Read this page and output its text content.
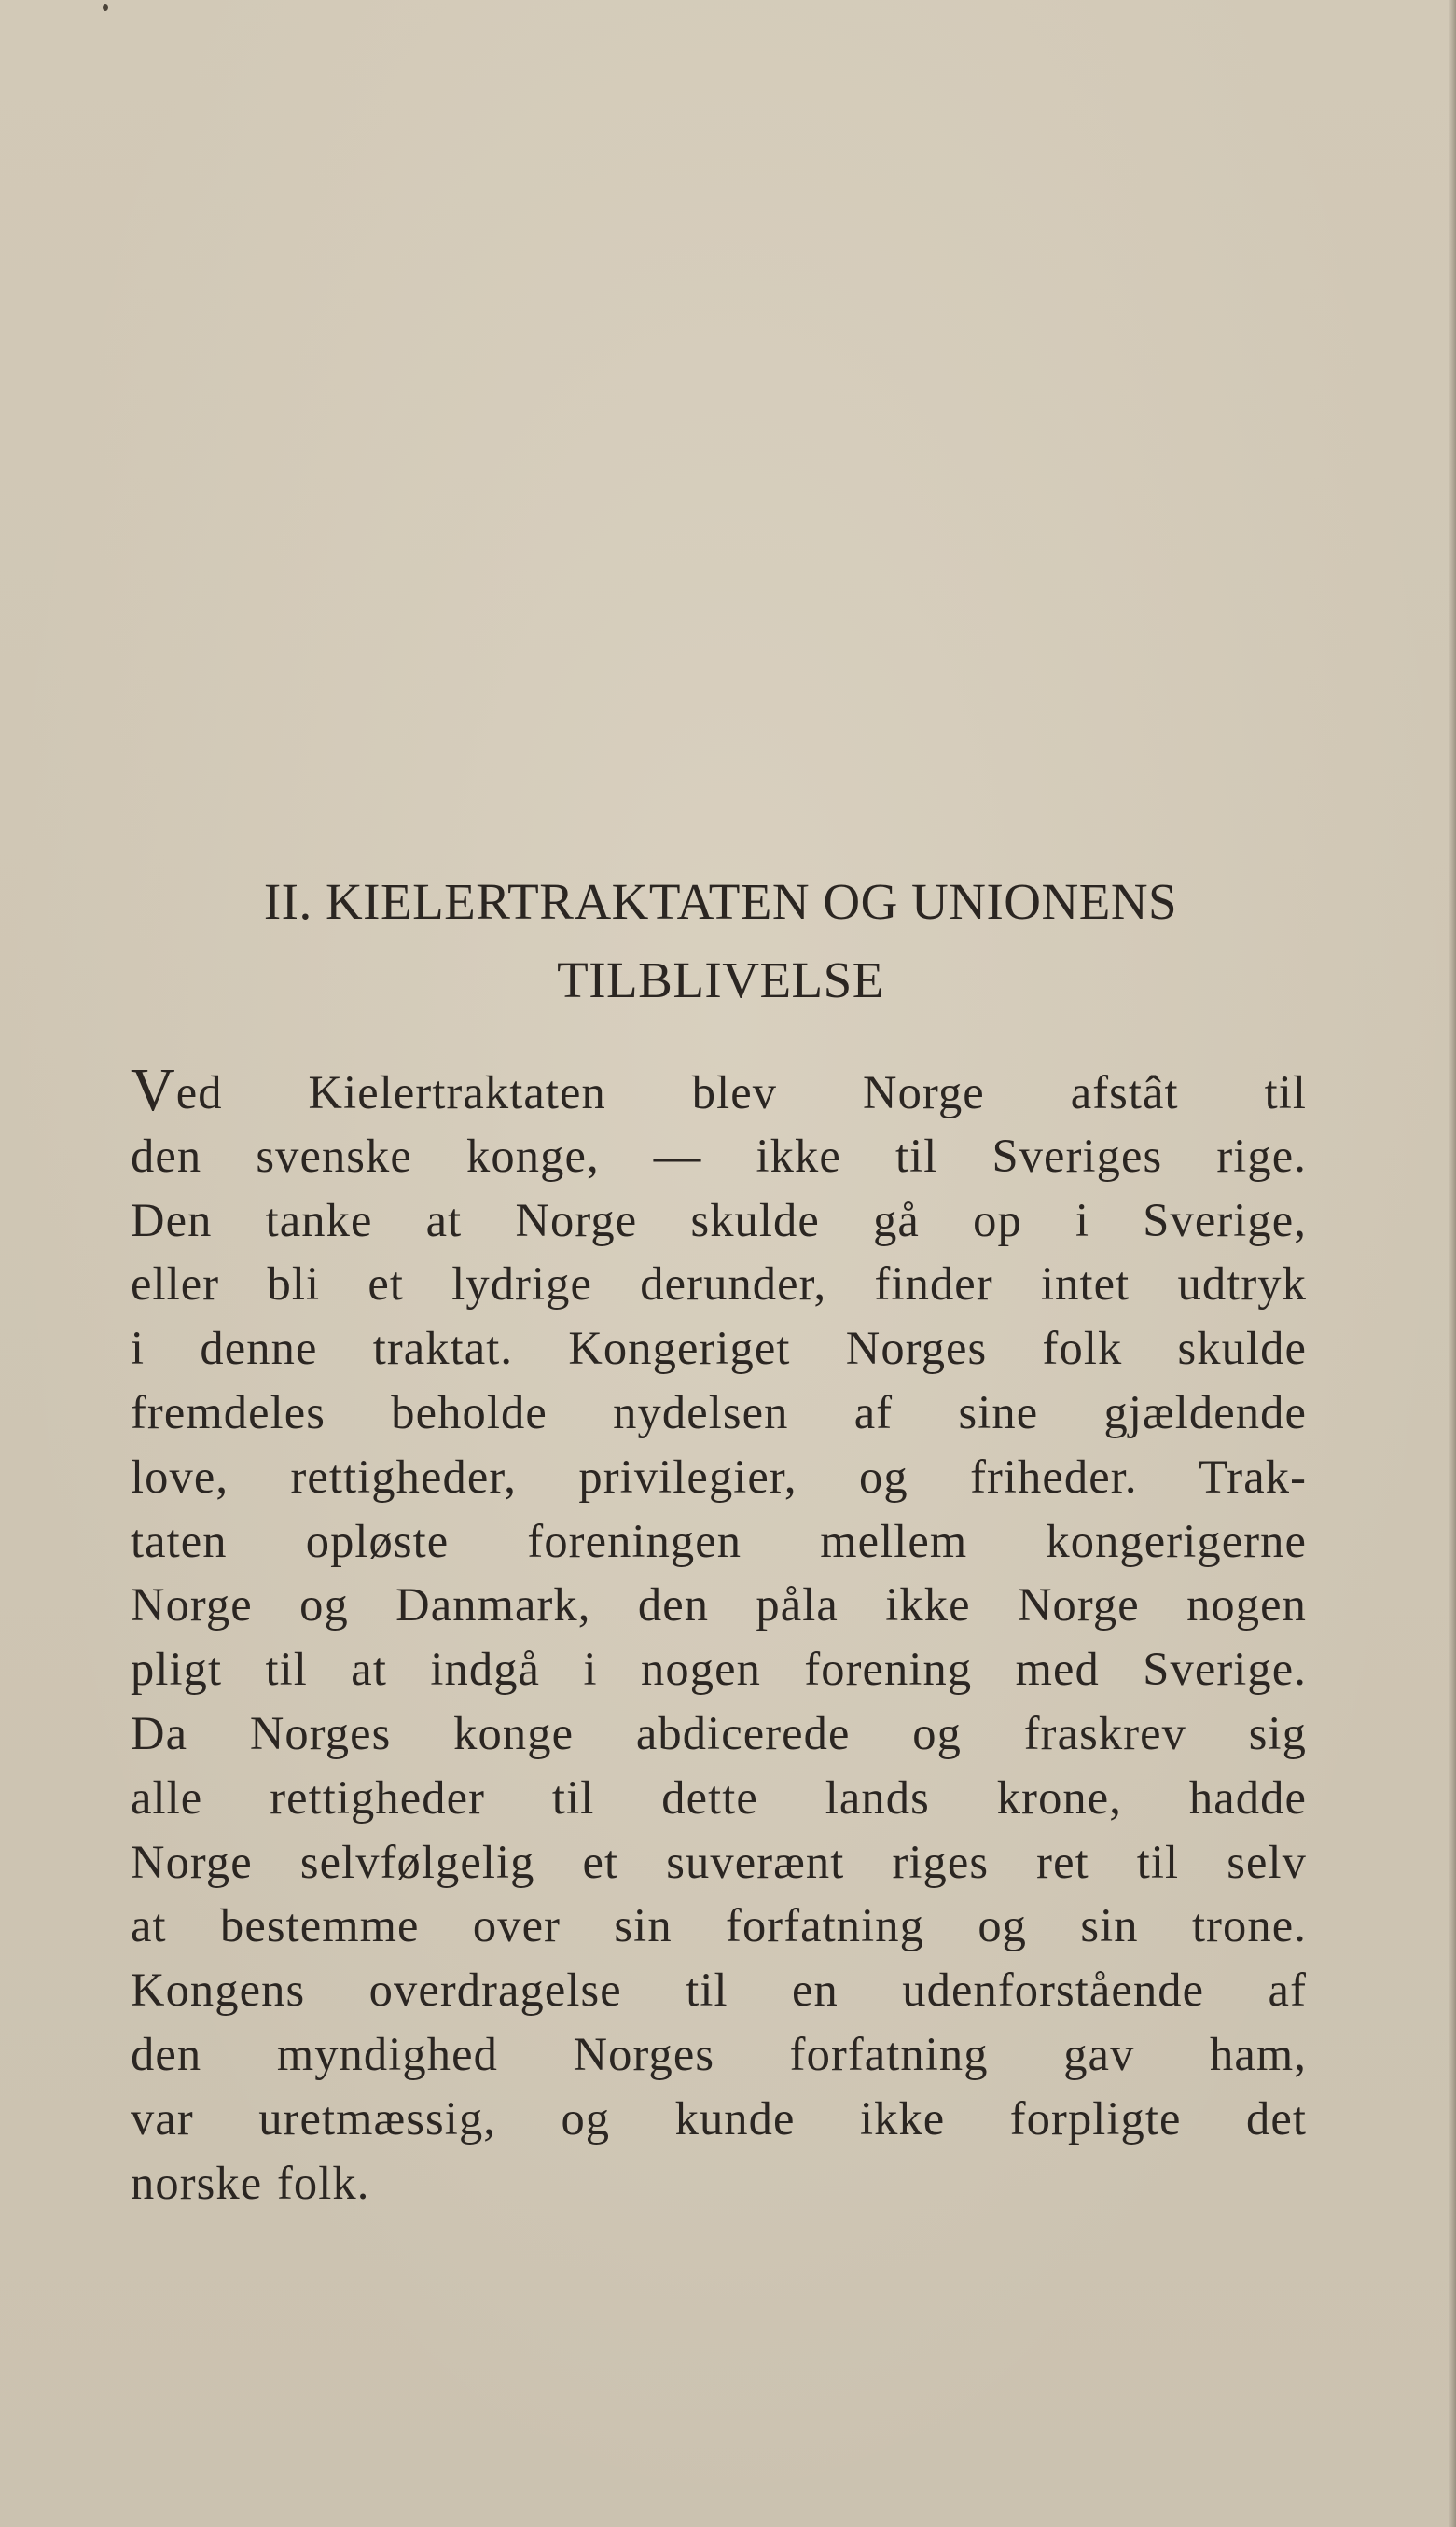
II. KIELERTRAKTATEN OG UNIONENS
TILBLIVELSE
Ved Kielertraktaten blev Norge afstât til
den svenske konge, — ikke til Sveriges rige.
Den tanke at Norge skulde gå op i Sverige,
eller bli et lydrige derunder, finder intet udtryk
i denne traktat. Kongeriget Norges folk skulde
fremdeles beholde nydelsen af sine gjældende
love, rettigheder, privilegier, og friheder. Trak-
taten opløste foreningen mellem kongerigerne
Norge og Danmark, den påla ikke Norge nogen
pligt til at indgå i nogen forening med Sverige.
Da Norges konge abdicerede og fraskrev sig
alle rettigheder til dette lands krone, hadde
Norge selvfølgelig et suverænt riges ret til selv
at bestemme over sin forfatning og sin trone.
Kongens overdragelse til en udenforstående af
den myndighed Norges forfatning gav ham,
var uretmæssig, og kunde ikke forpligte det
norske folk.
